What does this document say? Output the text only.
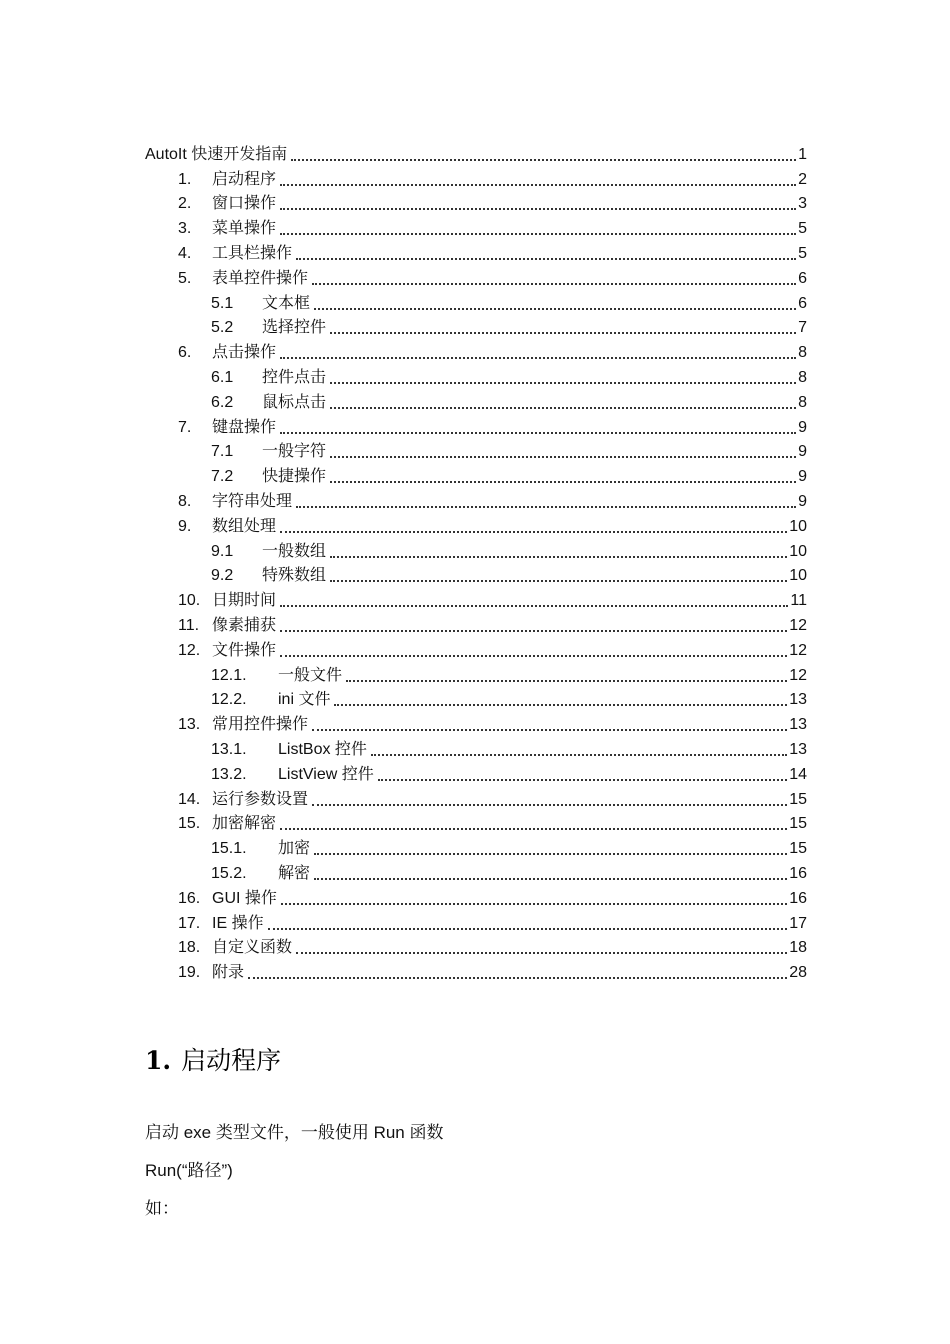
AutoIt 快速开发指南	1
1.	启动程序	2
2.	窗口操作	3
3.	菜单操作	5
4.	工具栏操作	5
5.	表单控件操作	6
5.1	文本框	6
5.2	选择控件	7
6.	点击操作	8
6.1	控件点击	8
6.2	鼠标点击	8
7.	键盘操作	9
7.1	一般字符	9
7.2	快捷操作	9
8.	字符串处理	9
9.	数组处理	10
9.1	一般数组	10
9.2	特殊数组	10
10. 日期时间	11
11. 像素捕获	12
12. 文件操作	12
12.1.	一般文件	12
12.2.	ini 文件	13
13. 常用控件操作	13
13.1.	ListBox 控件	13
13.2.	ListView 控件	14
14. 运行参数设置	15
15. 加密解密	15
15.1.	加密	15
15.2.	解密	16
16. GUI 操作	16
17. IE 操作	17
18. 自定义函数	18
19. 附录	28
1. 启动程序
启动 exe 类型文件，一般使用 Run 函数
Run(“路径”)
如：
